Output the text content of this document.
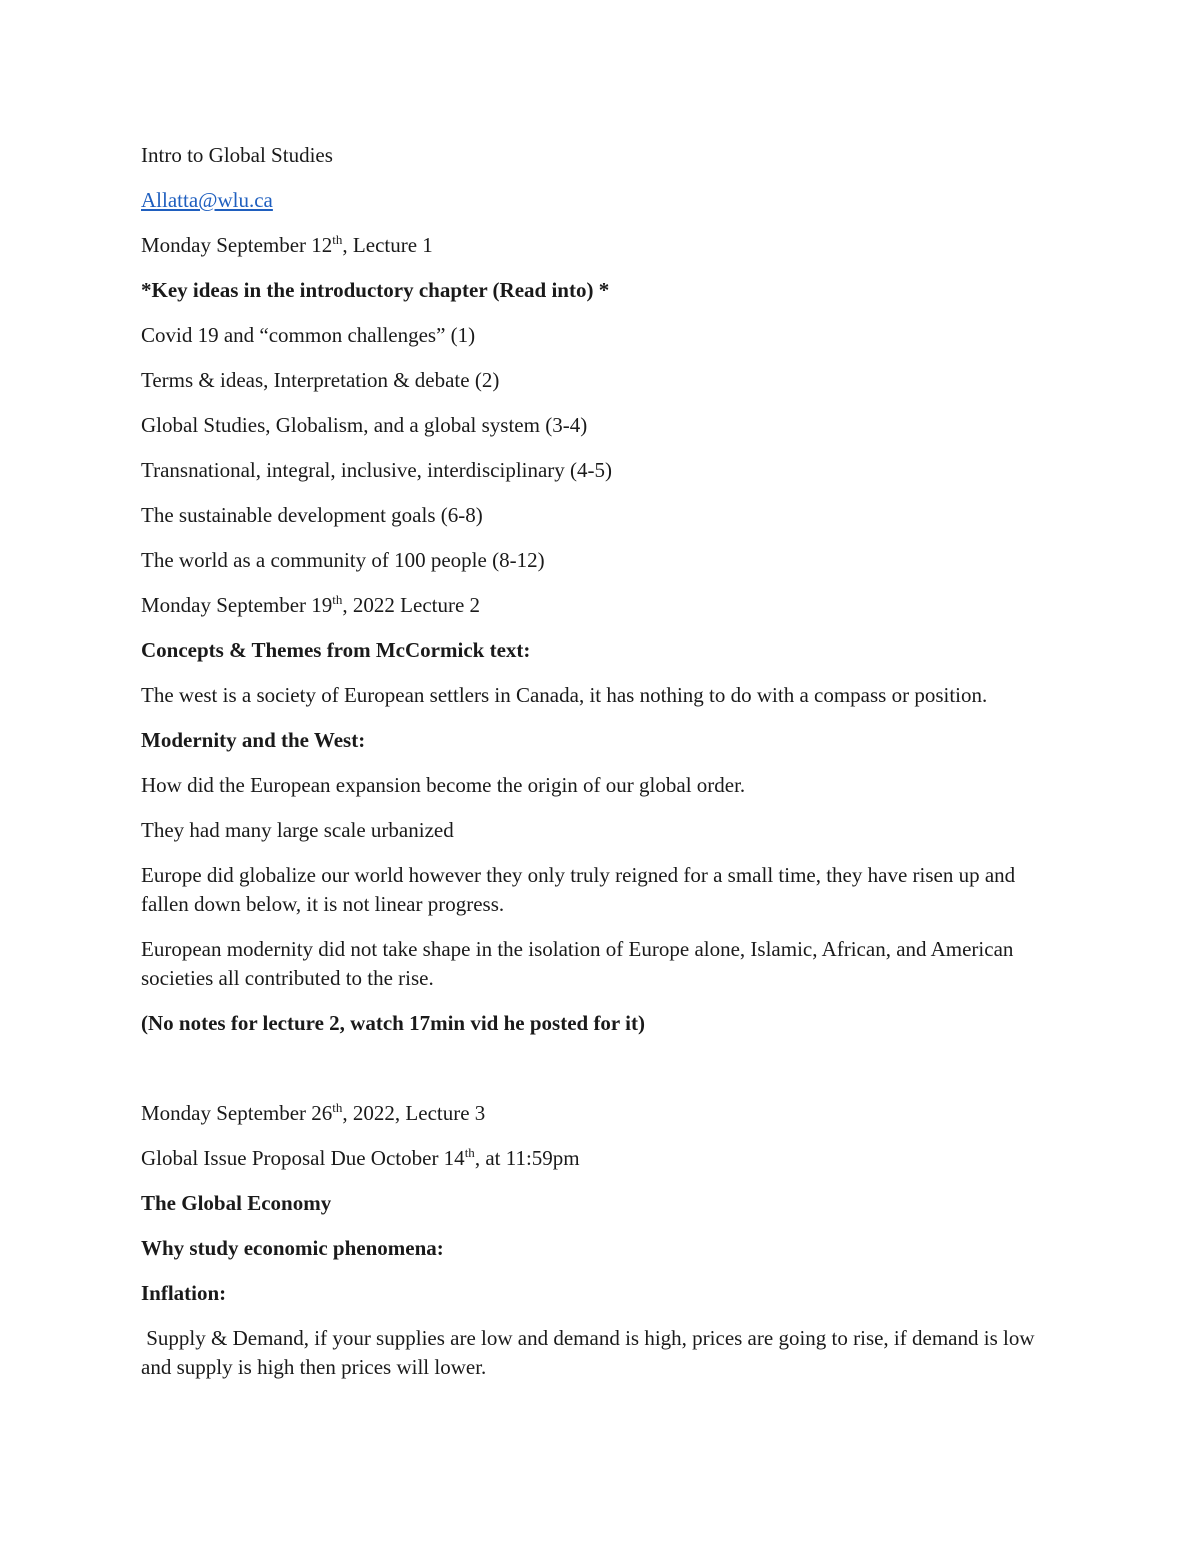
Intro to Global Studies

Allatta@wlu.ca

Monday September 12th, Lecture 1

*Key ideas in the introductory chapter (Read into) *

Covid 19 and “common challenges” (1)

Terms & ideas, Interpretation & debate (2)

Global Studies, Globalism, and a global system (3-4)

Transnational, integral, inclusive, interdisciplinary (4-5)

The sustainable development goals (6-8)

The world as a community of 100 people (8-12)

Monday September 19th, 2022 Lecture 2

Concepts & Themes from McCormick text:

The west is a society of European settlers in Canada, it has nothing to do with a compass or position.

Modernity and the West:

How did the European expansion become the origin of our global order.

They had many large scale urbanized

Europe did globalize our world however they only truly reigned for a small time, they have risen up and fallen down below, it is not linear progress.

European modernity did not take shape in the isolation of Europe alone, Islamic, African, and American societies all contributed to the rise.

(No notes for lecture 2, watch 17min vid he posted for it)

Monday September 26th, 2022, Lecture 3

Global Issue Proposal Due October 14th, at 11:59pm

The Global Economy

Why study economic phenomena:

Inflation:

Supply & Demand, if your supplies are low and demand is high, prices are going to rise, if demand is low and supply is high then prices will lower.
